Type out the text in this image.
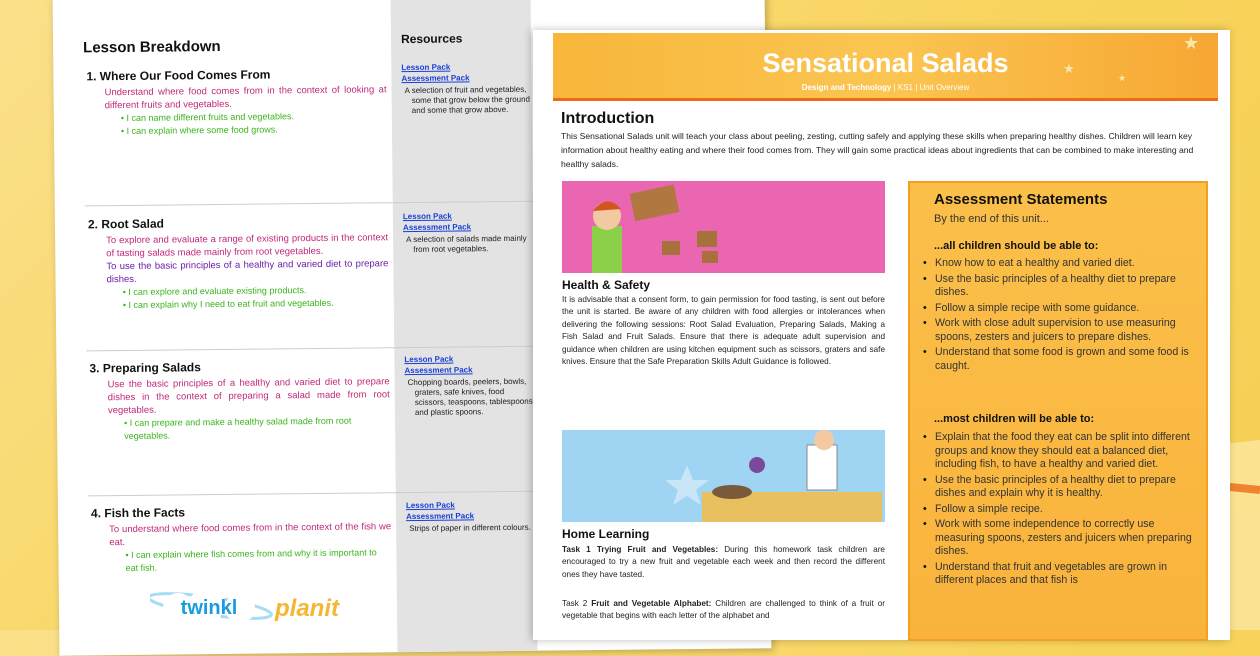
Lesson Breakdown	Resources
1. Where Our Food Comes From

Understand where food comes from in the context of looking at different fruits and vegetables.

• I can name different fruits and vegetables.
• I can explain where some food grows.
Lesson Pack
Assessment Pack

A selection of fruit and vegetables, some that grow below the ground and some that grow above.

2. Root Salad

To explore and evaluate a range of existing products in the context of tasting salads made mainly from root vegetables.

To use the basic principles of a healthy and varied diet to prepare dishes.

• I can explore and evaluate existing products.
• I can explain why I need to eat fruit and vegetables.
Lesson Pack
Assessment Pack

A selection of salads made mainly from root vegetables.

3. Preparing Salads

Use the basic principles of a healthy and varied diet to prepare dishes in the context of preparing a salad made from root vegetables.

• I can prepare and make a healthy salad made from root vegetables.
Lesson Pack
Assessment Pack

Chopping boards, peelers, bowls, graters, safe knives, food scissors, teaspoons, tablespoons and plastic spoons.

4. Fish the Facts

To understand where food comes from in the context of the fish we eat.

• I can explain where fish comes from and why it is important to eat fish.
Lesson Pack
Assessment Pack

Strips of paper in different colours.

★
★
★
Sensational Salads
Design and Technology | KS1 | Unit Overview
Introduction
This Sensational Salads unit will teach your class about peeling, zesting, cutting safely and applying these skills when preparing healthy dishes. Children will learn key information about healthy eating and where their food comes from. They will gain some practical ideas about ingredients that can be combined to make interesting and healthy salads.
Health & Safety
It is advisable that a consent form, to gain permission for food tasting, is sent out before the unit is started. Be aware of any children with food allergies or intolerances when delivering the following sessions: Root Salad Evaluation, Preparing Salads, Making a Fish Salad and Fruit Salads. Ensure that there is adequate adult supervision and guidance when children are using kitchen equipment such as scissors, graters and safe knives. Ensure that the Safe Preparation Skills Adult Guidance is followed.
Home Learning
Task 1 Trying Fruit and Vegetables: During this homework task children are encouraged to try a new fruit and vegetable each week and then record the different ones they have tasted.
Task 2 Fruit and Vegetable Alphabet: Children are challenged to think of a fruit or vegetable that begins with each letter of the alphabet and
Assessment Statements
By the end of this unit...
...all children should be able to:
• Know how to eat a healthy and varied diet.
• Use the basic principles of a healthy diet to prepare dishes.
• Follow a simple recipe with some guidance.
• Work with close adult supervision to use measuring spoons, zesters and juicers to prepare dishes.
• Understand that some food is grown and some food is caught.
...most children will be able to:
• Explain that the food they eat can be split into different groups and know they should eat a balanced diet, including fish, to have a healthy and varied diet.
• Use the basic principles of a healthy diet to prepare dishes and explain why it is healthy.
• Follow a simple recipe.
• Work with some independence to correctly use measuring spoons, zesters and juicers when preparing dishes.
• Understand that fruit and vegetables are grown in different places and that fish is
twinkl planit
